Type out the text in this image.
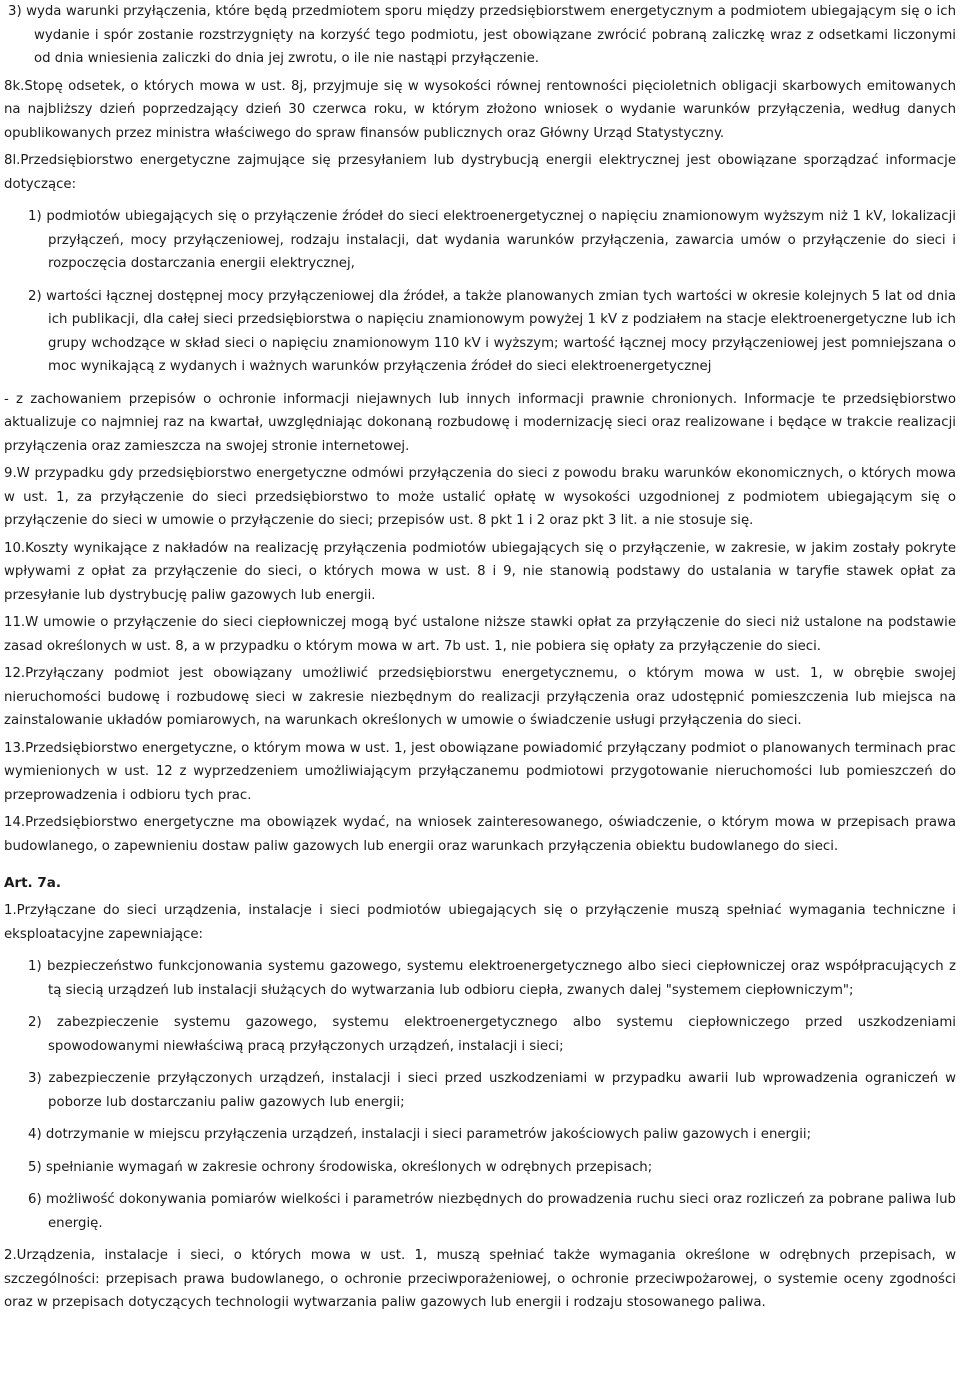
3) wyda warunki przyłączenia, które będą przedmiotem sporu między przedsiębiorstwem energetycznym a podmiotem ubiegającym się o ich wydanie i spór zostanie rozstrzygnięty na korzyść tego podmiotu, jest obowiązane zwrócić pobraną zaliczkę wraz z odsetkami liczonymi od dnia wniesienia zaliczki do dnia jej zwrotu, o ile nie nastąpi przyłączenie.

8k.Stopę odsetek, o których mowa w ust. 8j, przyjmuje się w wysokości równej rentowności pięcioletnich obligacji skarbowych emitowanych na najbliższy dzień poprzedzający dzień 30 czerwca roku, w którym złożono wniosek o wydanie warunków przyłączenia, według danych opublikowanych przez ministra właściwego do spraw finansów publicznych oraz Główny Urząd Statystyczny.

8l.Przedsiębiorstwo energetyczne zajmujące się przesyłaniem lub dystrybucją energii elektrycznej jest obowiązane sporządzać informacje dotyczące:

1) podmiotów ubiegających się o przyłączenie źródeł do sieci elektroenergetycznej o napięciu znamionowym wyższym niż 1 kV, lokalizacji przyłączeń, mocy przyłączeniowej, rodzaju instalacji, dat wydania warunków przyłączenia, zawarcia umów o przyłączenie do sieci i rozpoczęcia dostarczania energii elektrycznej,

2) wartości łącznej dostępnej mocy przyłączeniowej dla źródeł, a także planowanych zmian tych wartości w okresie kolejnych 5 lat od dnia ich publikacji, dla całej sieci przedsiębiorstwa o napięciu znamionowym powyżej 1 kV z podziałem na stacje elektroenergetyczne lub ich grupy wchodzące w skład sieci o napięciu znamionowym 110 kV i wyższym; wartość łącznej mocy przyłączeniowej jest pomniejszana o moc wynikającą z wydanych i ważnych warunków przyłączenia źródeł do sieci elektroenergetycznej

- z zachowaniem przepisów o ochronie informacji niejawnych lub innych informacji prawnie chronionych. Informacje te przedsiębiorstwo aktualizuje co najmniej raz na kwartał, uwzględniając dokonaną rozbudowę i modernizację sieci oraz realizowane i będące w trakcie realizacji przyłączenia oraz zamieszcza na swojej stronie internetowej.

9.W przypadku gdy przedsiębiorstwo energetyczne odmówi przyłączenia do sieci z powodu braku warunków ekonomicznych, o których mowa w ust. 1, za przyłączenie do sieci przedsiębiorstwo to może ustalić opłatę w wysokości uzgodnionej z podmiotem ubiegającym się o przyłączenie do sieci w umowie o przyłączenie do sieci; przepisów ust. 8 pkt 1 i 2 oraz pkt 3 lit. a nie stosuje się.

10.Koszty wynikające z nakładów na realizację przyłączenia podmiotów ubiegających się o przyłączenie, w zakresie, w jakim zostały pokryte wpływami z opłat za przyłączenie do sieci, o których mowa w ust. 8 i 9, nie stanowią podstawy do ustalania w taryfie stawek opłat za przesyłanie lub dystrybucję paliw gazowych lub energii.

11.W umowie o przyłączenie do sieci ciepłowniczej mogą być ustalone niższe stawki opłat za przyłączenie do sieci niż ustalone na podstawie zasad określonych w ust. 8, a w przypadku o którym mowa w art. 7b ust. 1, nie pobiera się opłaty za przyłączenie do sieci.

12.Przyłączany podmiot jest obowiązany umożliwić przedsiębiorstwu energetycznemu, o którym mowa w ust. 1, w obrębie swojej nieruchomości budowę i rozbudowę sieci w zakresie niezbędnym do realizacji przyłączenia oraz udostępnić pomieszczenia lub miejsca na zainstalowanie układów pomiarowych, na warunkach określonych w umowie o świadczenie usługi przyłączenia do sieci.

13.Przedsiębiorstwo energetyczne, o którym mowa w ust. 1, jest obowiązane powiadomić przyłączany podmiot o planowanych terminach prac wymienionych w ust. 12 z wyprzedzeniem umożliwiającym przyłączanemu podmiotowi przygotowanie nieruchomości lub pomieszczeń do przeprowadzenia i odbioru tych prac.

14.Przedsiębiorstwo energetyczne ma obowiązek wydać, na wniosek zainteresowanego, oświadczenie, o którym mowa w przepisach prawa budowlanego, o zapewnieniu dostaw paliw gazowych lub energii oraz warunkach przyłączenia obiektu budowlanego do sieci.

Art. 7a.

1.Przyłączane do sieci urządzenia, instalacje i sieci podmiotów ubiegających się o przyłączenie muszą spełniać wymagania techniczne i eksploatacyjne zapewniające:

1) bezpieczeństwo funkcjonowania systemu gazowego, systemu elektroenergetycznego albo sieci ciepłowniczej oraz współpracujących z tą siecią urządzeń lub instalacji służących do wytwarzania lub odbioru ciepła, zwanych dalej "systemem ciepłowniczym";

2) zabezpieczenie systemu gazowego, systemu elektroenergetycznego albo systemu ciepłowniczego przed uszkodzeniami spowodowanymi niewłaściwą pracą przyłączonych urządzeń, instalacji i sieci;

3) zabezpieczenie przyłączonych urządzeń, instalacji i sieci przed uszkodzeniami w przypadku awarii lub wprowadzenia ograniczeń w poborze lub dostarczaniu paliw gazowych lub energii;

4) dotrzymanie w miejscu przyłączenia urządzeń, instalacji i sieci parametrów jakościowych paliw gazowych i energii;

5) spełnianie wymagań w zakresie ochrony środowiska, określonych w odrębnych przepisach;

6) możliwość dokonywania pomiarów wielkości i parametrów niezbędnych do prowadzenia ruchu sieci oraz rozliczeń za pobrane paliwa lub energię.

2.Urządzenia, instalacje i sieci, o których mowa w ust. 1, muszą spełniać także wymagania określone w odrębnych przepisach, w szczególności: przepisach prawa budowlanego, o ochronie przeciwporażeniowej, o ochronie przeciwpożarowej, o systemie oceny zgodności oraz w przepisach dotyczących technologii wytwarzania paliw gazowych lub energii i rodzaju stosowanego paliwa.
